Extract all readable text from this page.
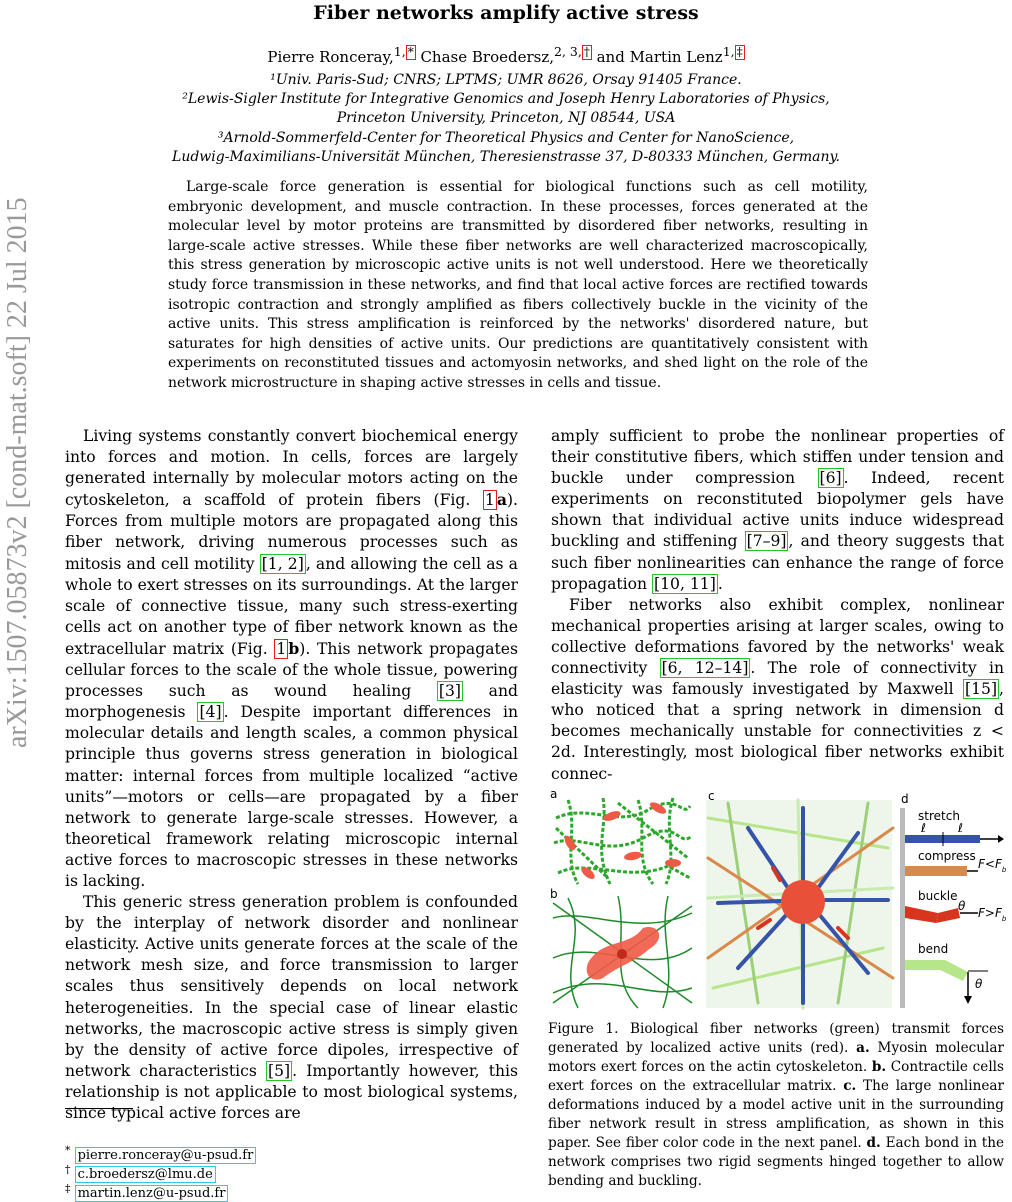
arXiv:1507.05873v2 [cond-mat.soft] 22 Jul 2015
Fiber networks amplify active stress
Pierre Ronceray,$^{1,}$ * Chase Broedersz,$^{2, 3,}$ † and Martin Lenz$^{1,}$ ‡
¹Univ. Paris-Sud; CNRS; LPTMS; UMR 8626, Orsay 91405 France.
²Lewis-Sigler Institute for Integrative Genomics and Joseph Henry Laboratories of Physics,
Princeton University, Princeton, NJ 08544, USA
³Arnold-Sommerfeld-Center for Theoretical Physics and Center for NanoScience,
Ludwig-Maximilians-Universität München, Theresienstrasse 37, D-80333 München, Germany.
Large-scale force generation is essential for biological functions such as cell motility, embryonic development, and muscle contraction. In these processes, forces generated at the molecular level by motor proteins are transmitted by disordered fiber networks, resulting in large-scale active stresses. While these fiber networks are well characterized macroscopically, this stress generation by microscopic active units is not well understood. Here we theoretically study force transmission in these networks, and find that local active forces are rectified towards isotropic contraction and strongly amplified as fibers collectively buckle in the vicinity of the active units. This stress amplification is reinforced by the networks' disordered nature, but saturates for high densities of active units. Our predictions are quantitatively consistent with experiments on reconstituted tissues and actomyosin networks, and shed light on the role of the network microstructure in shaping active stresses in cells and tissue.

Living systems constantly convert biochemical energy into forces and motion. In cells, forces are largely generated internally by molecular motors acting on the cytoskeleton, a scaffold of protein fibers (Fig. 1 a). Forces from multiple motors are propagated along this fiber network, driving numerous processes such as mitosis and cell motility [1, 2] , and allowing the cell as a whole to exert stresses on its surroundings. At the larger scale of connective tissue, many such stress-exerting cells act on another type of fiber network known as the extracellular matrix (Fig. 1 b). This network propagates cellular forces to the scale of the whole tissue, powering processes such as wound healing [3] and morphogenesis [4] . Despite important differences in molecular details and length scales, a common physical principle thus governs stress generation in biological matter: internal forces from multiple localized “active units”—motors or cells—are propagated by a fiber network to generate large-scale stresses. However, a theoretical framework relating microscopic internal active forces to macroscopic stresses in these networks is lacking.

This generic stress generation problem is confounded by the interplay of network disorder and nonlinear elasticity. Active units generate forces at the scale of the network mesh size, and force transmission to larger scales thus sensitively depends on local network heterogeneities. In the special case of linear elastic networks, the macroscopic active stress is simply given by the density of active force dipoles, irrespective of network characteristics [5] . Importantly however, this relationship is not applicable to most biological systems, since typical active forces are

amply sufficient to probe the nonlinear properties of their constitutive fibers, which stiffen under tension and buckle under compression [6] . Indeed, recent experiments on reconstituted biopolymer gels have shown that individual active units induce widespread buckling and stiffening [7–9] , and theory suggests that such fiber nonlinearities can enhance the range of force propagation [10, 11] .

Fiber networks also exhibit complex, nonlinear mechanical properties arising at larger scales, owing to collective deformations favored by the networks' weak connectivity [6, 12–14] . The role of connectivity in elasticity was famously investigated by Maxwell [15] , who noticed that a spring network in dimension d becomes mechanically unstable for connectivities z < 2d. Interestingly, most biological fiber networks exhibit connec-

a
b
c	d
stretch
ℓ	ℓ
compress
$F<F_b$
buckle
θ $F>F_b$
bend
θ
Figure 1. Biological fiber networks (green) transmit forces generated by localized active units (red). a. Myosin molecular motors exert forces on the actin cytoskeleton. b. Contractile cells exert forces on the extracellular matrix. c. The large nonlinear deformations induced by a model active unit in the surrounding fiber network result in stress amplification, as shown in this paper. See fiber color code in the next panel. d. Each bond in the network comprises two rigid segments hinged together to allow bending and buckling.
* pierre.ronceray@u-psud.fr
† c.broedersz@lmu.de
‡ martin.lenz@u-psud.fr
